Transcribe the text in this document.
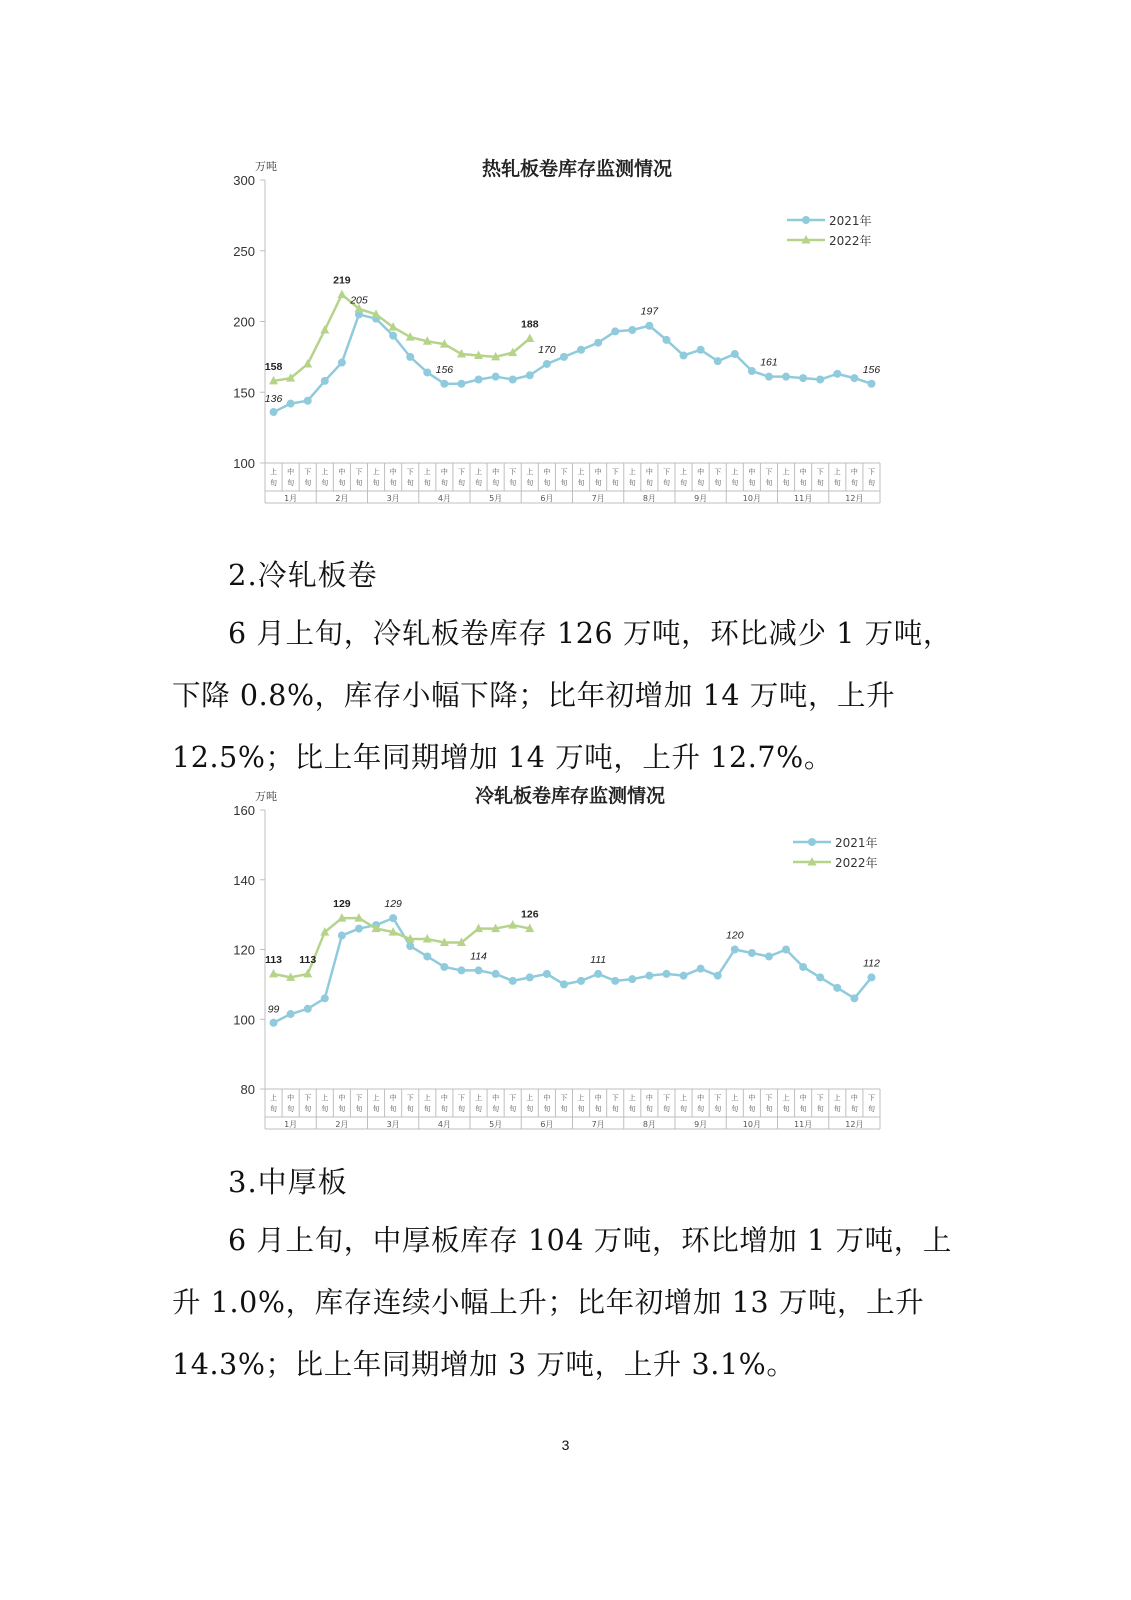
热轧板卷库存监测情况
万吨
100
150
200
250
300
上
旬
中
旬
下
旬
上
旬
中
旬
下
旬
上
旬
中
旬
下
旬
上
旬
中
旬
下
旬
上
旬
中
旬
下
旬
上
旬
中
旬
下
旬
上
旬
中
旬
下
旬
上
旬
中
旬
下
旬
上
旬
中
旬
下
旬
上
旬
中
旬
下
旬
上
旬
中
旬
下
旬
上
旬
中
旬
下
旬
1月	2月	3月	4月	5月	6月	7月	8月	9月	10月	11月	12月
136
205
156
170
197
161
156
158
219
188
2021年
2022年
2.冷轧板卷

6 月上旬，冷轧板卷库存 126 万吨，环比减少 1 万吨，下降 0.8%，库存小幅下降；比年初增加 14 万吨，上升 12.5%；比上年同期增加 14 万吨，上升 12.7%。

冷轧板卷库存监测情况
万吨
80
100
120
140
160
上
旬
中
旬
下
旬
上
旬
中
旬
下
旬
上
旬
中
旬
下
旬
上
旬
中
旬
下
旬
上
旬
中
旬
下
旬
上
旬
中
旬
下
旬
上
旬
中
旬
下
旬
上
旬
中
旬
下
旬
上
旬
中
旬
下
旬
上
旬
中
旬
下
旬
上
旬
中
旬
下
旬
上
旬
中
旬
下
旬
1月	2月	3月	4月	5月	6月	7月	8月	9月	10月	11月	12月
99
129
114	111
120
112
113 113
129
126
2021年
2022年
3.中厚板

6 月上旬，中厚板库存 104 万吨，环比增加 1 万吨，上升 1.0%，库存连续小幅上升；比年初增加 13 万吨，上升 14.3%；比上年同期增加 3 万吨，上升 3.1%。

3
